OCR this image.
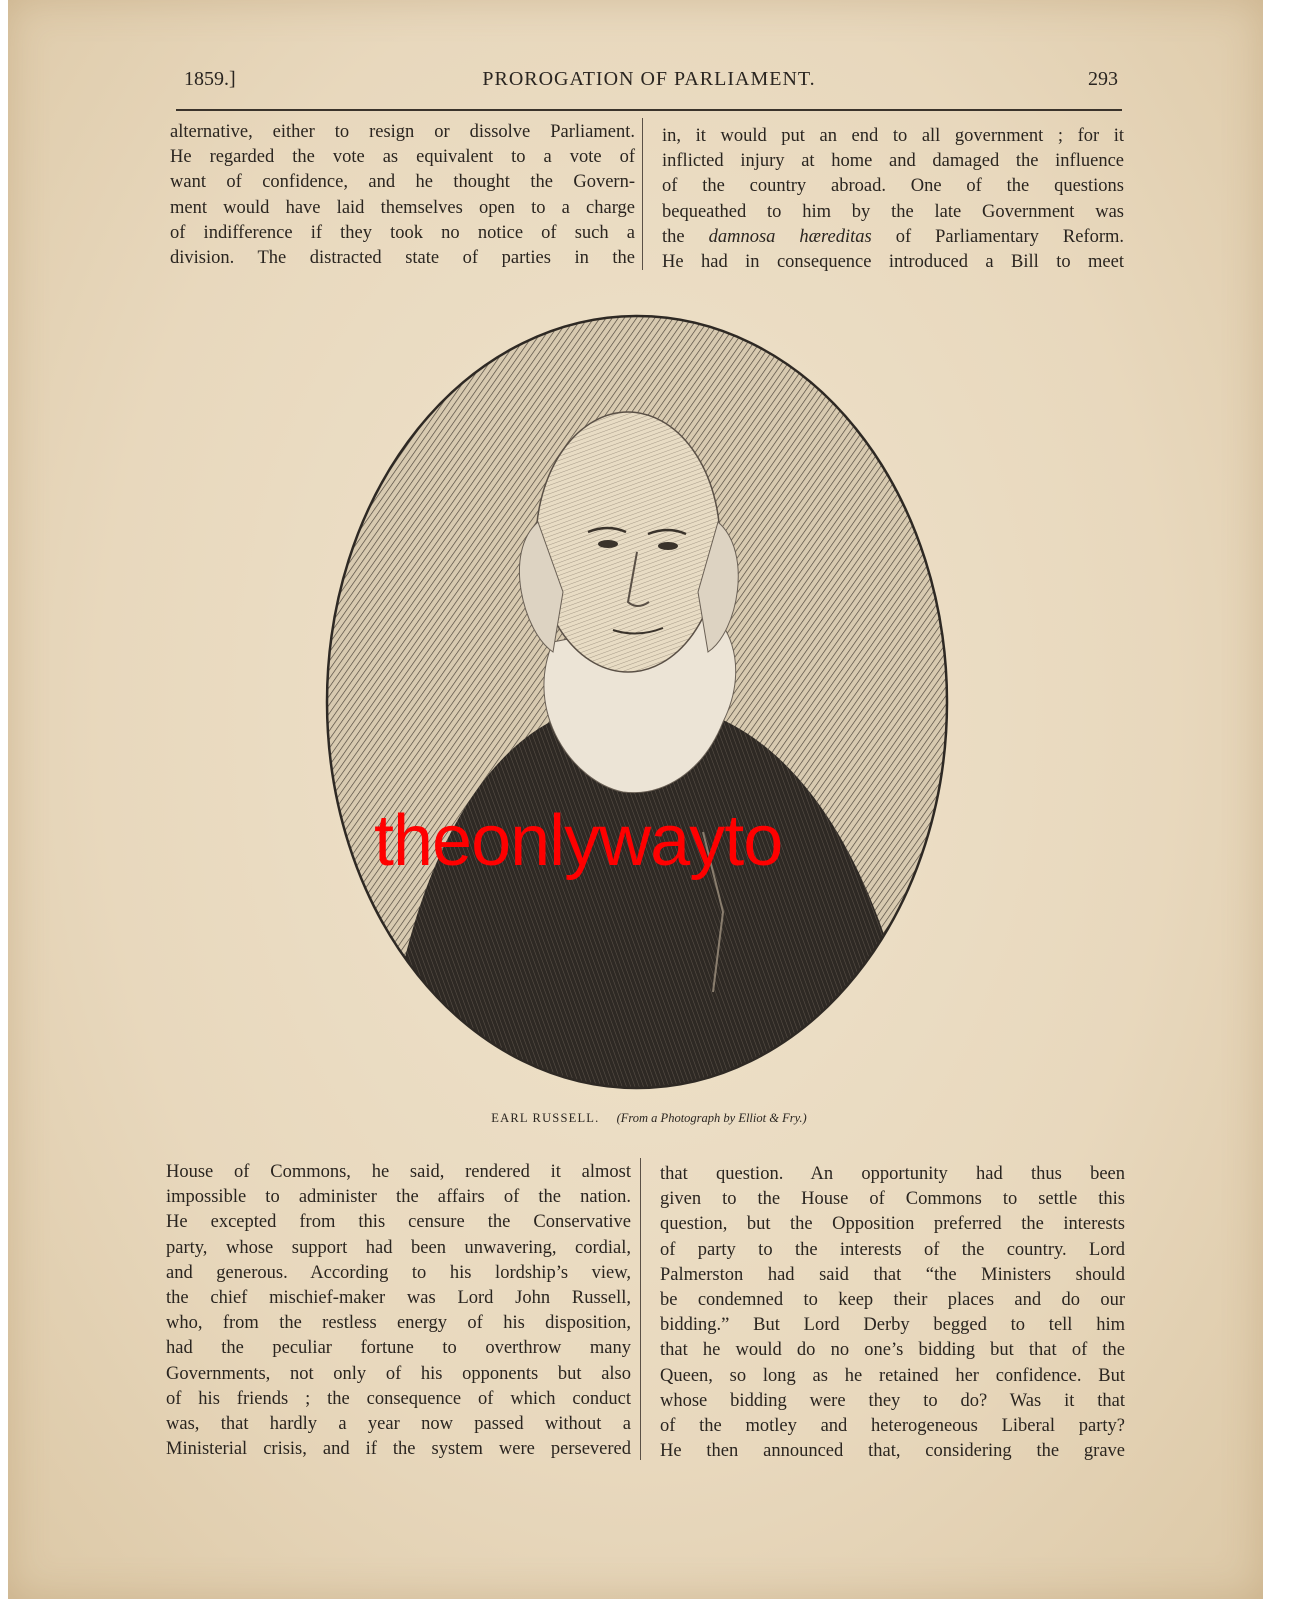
1859.]	PROROGATION OF PARLIAMENT.	293
alternative, either to resign or dissolve Parliament.
He regarded the vote as equivalent to a vote of
want of confidence, and he thought the Govern-
ment would have laid themselves open to a charge
of indifference if they took no notice of such a
division. The distracted state of parties in the
in, it would put an end to all government ; for it
inflicted injury at home and damaged the influence
of the country abroad. One of the questions
bequeathed to him by the late Government was
the damnosa hæreditas of Parliamentary Reform.
He had in consequence introduced a Bill to meet
EARL RUSSELL. (From a Photograph by Elliot & Fry.)
House of Commons, he said, rendered it almost
impossible to administer the affairs of the nation.
He excepted from this censure the Conservative
party, whose support had been unwavering, cordial,
and generous. According to his lordship’s view,
the chief mischief-maker was Lord John Russell,
who, from the restless energy of his disposition,
had the peculiar fortune to overthrow many
Governments, not only of his opponents but also
of his friends ; the consequence of which conduct
was, that hardly a year now passed without a
Ministerial crisis, and if the system were persevered
that question. An opportunity had thus been
given to the House of Commons to settle this
question, but the Opposition preferred the interests
of party to the interests of the country. Lord
Palmerston had said that “the Ministers should
be condemned to keep their places and do our
bidding.” But Lord Derby begged to tell him
that he would do no one’s bidding but that of the
Queen, so long as he retained her confidence. But
whose bidding were they to do? Was it that
of the motley and heterogeneous Liberal party?
He then announced that, considering the grave
theonlywayto
